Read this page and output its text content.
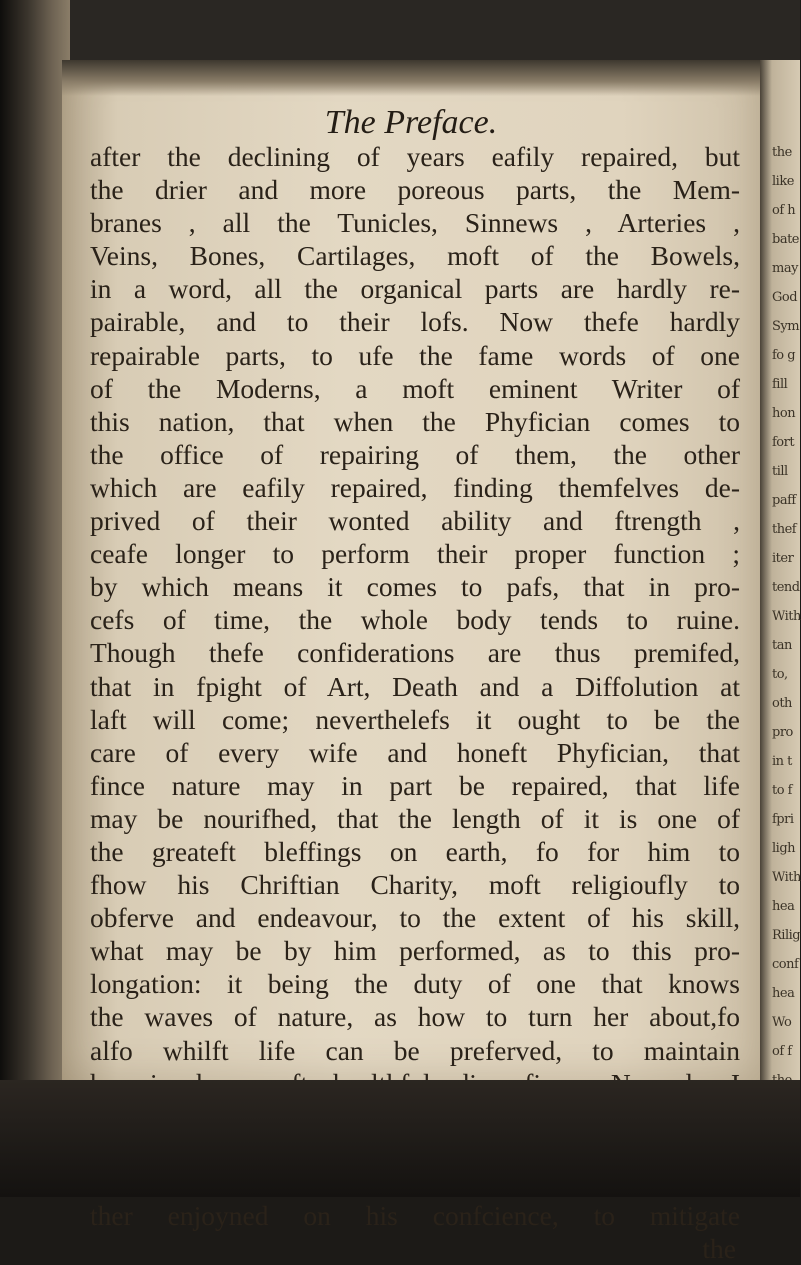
The Preface.
after the declining of years eafily repaired, but
the drier and more poreous parts, the Mem-
branes , all the Tunicles, Sinnews , Arteries ,
Veins, Bones, Cartilages, moft of the Bowels,
in a word, all the organical parts are hardly re-
pairable, and to their lofs. Now thefe hardly
repairable parts, to ufe the fame words of one
of the Moderns, a moft eminent Writer of
this nation, that when the Phyfician comes to
the office of repairing of them, the other
which are eafily repaired, finding themfelves de-
prived of their wonted ability and ftrength ,
ceafe longer to perform their proper function ;
by which means it comes to pafs, that in pro-
cefs of time, the whole body tends to ruine.
Though thefe confiderations are thus premifed,
that in fpight of Art, Death and a Diffolution at
laft will come; neverthelefs it ought to be the
care of every wife and honeft Phyfician, that
fince nature may in part be repaired, that life
may be nourifhed, that the length of it is one of
the greateft bleffings on earth, fo for him to
fhow his Chriftian Charity, moft religioufly to
obferve and endeavour, to the extent of his skill,
what may be by him performed, as to this pro-
longation: it being the duty of one that knows
the waves of nature, as how to turn her about,fo
alfo whilft life can be preferved, to maintain
ther enjoyned on his confcience, to mitigate
the
the
like
of h
bate
may
God
Sym
fo g
fill
hon
fort
till
paff
thef
iter
tend
With
tan
to,
oth
pro
in t
to f
fpri
ligh
With
hea
Rilig
conf
hea
Wo
of f
